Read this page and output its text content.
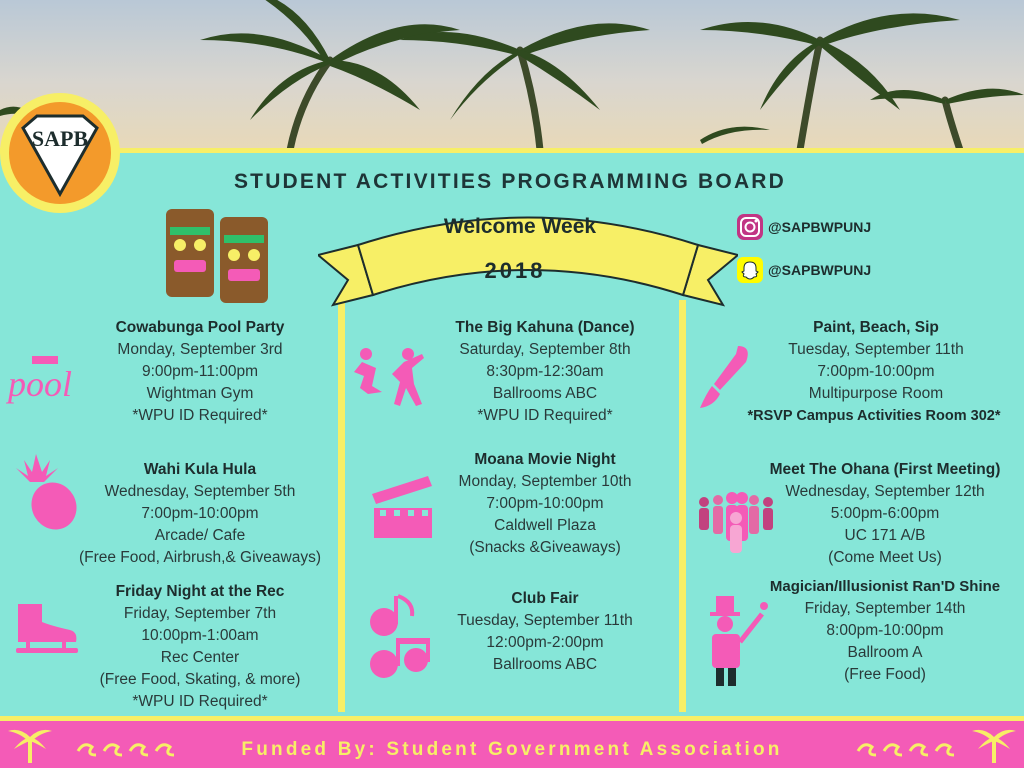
SAPB
STUDENT ACTIVITIES PROGRAMMING BOARD
Welcome Week
2018
@SAPBWPUNJ
@SAPBWPUNJ
pool
Cowabunga Pool Party
Monday, September 3rd
9:00pm-11:00pm
Wightman Gym
*WPU ID Required*
Wahi Kula Hula
Wednesday, September 5th
7:00pm-10:00pm
Arcade/ Cafe
(Free Food, Airbrush,& Giveaways)
Friday Night at the Rec
Friday, September 7th
10:00pm-1:00am
Rec Center
(Free Food, Skating, & more)
*WPU ID Required*
The Big Kahuna (Dance)
Saturday, September 8th
8:30pm-12:30am
Ballrooms ABC
*WPU ID Required*
Moana Movie Night
Monday, September 10th
7:00pm-10:00pm
Caldwell Plaza
(Snacks &Giveaways)
Club Fair
Tuesday, September 11th
12:00pm-2:00pm
Ballrooms ABC
Paint, Beach, Sip
Tuesday, September 11th
7:00pm-10:00pm
Multipurpose Room
*RSVP Campus Activities Room 302*
Meet The Ohana (First Meeting)
Wednesday, September 12th
5:00pm-6:00pm
UC 171 A/B
(Come Meet Us)
Magician/Illusionist Ran'D Shine
Friday, September 14th
8:00pm-10:00pm
Ballroom A
(Free Food)
Funded By: Student Government Association
